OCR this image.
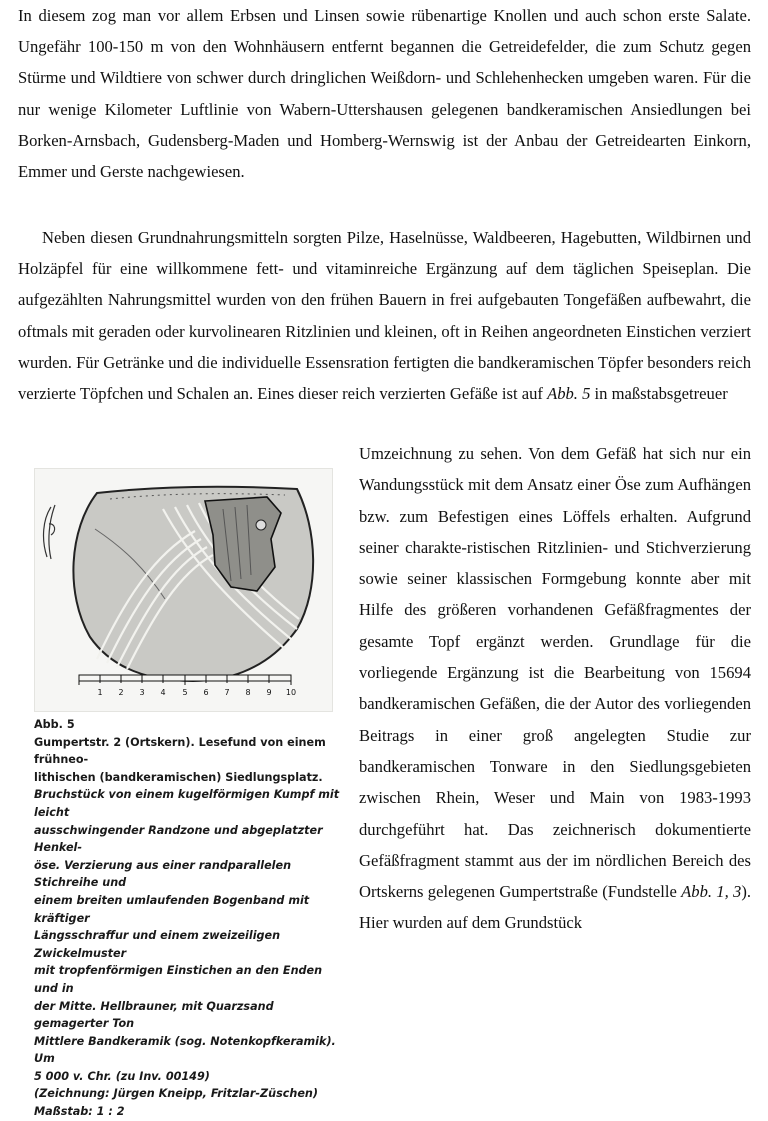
In diesem zog man vor allem Erbsen und Linsen sowie rübenartige Knollen und auch schon erste Salate. Ungefähr 100-150 m von den Wohnhäusern entfernt begannen die Getreidefelder, die zum Schutz gegen Stürme und Wildtiere von schwer durch dringlichen Weißdorn- und Schlehenhecken umgeben waren. Für die nur wenige Kilometer Luftlinie von Wabern-Uttershausen gelegenen bandkeramischen Ansiedlungen bei Borken-Arnsbach, Gudensberg-Maden und Homberg-Wernswig ist der Anbau der Getreidearten Einkorn, Emmer und Gerste nachgewiesen.

Neben diesen Grundnahrungsmitteln sorgten Pilze, Haselnüsse, Waldbeeren, Hagebutten, Wildbirnen und Holzäpfel für eine willkommene fett- und vitaminreiche Ergänzung auf dem täglichen Speiseplan. Die aufgezählten Nahrungsmittel wurden von den frühen Bauern in frei aufgebauten Tongefäßen aufbewahrt, die oftmals mit geraden oder kurvolinearen Ritzlinien und kleinen, oft in Reihen angeordneten Einstichen verziert wurden. Für Getränke und die individuelle Essensration fertigten die bandkeramischen Töpfer besonders reich verzierte Töpfchen und Schalen an. Eines dieser reich verzierten Gefäße ist auf Abb. 5 in maßstabsgetreuer

Umzeichnung zu sehen. Von dem Gefäß hat sich nur ein Wandungsstück mit dem Ansatz einer Öse zum Aufhängen bzw. zum Befestigen eines Löffels erhalten. Aufgrund seiner charakte-ristischen Ritzlinien- und Stichverzierung sowie seiner klassischen Formgebung konnte aber mit Hilfe des größeren vorhandenen Gefäßfragmentes der gesamte Topf ergänzt werden. Grundlage für die vorliegende Ergänzung ist die Bearbeitung von 15694 bandkeramischen Gefäßen, die der Autor des vorliegenden Beitrags in einer groß angelegten Studie zur bandkeramischen Tonware in den Siedlungsgebieten zwischen Rhein, Weser und Main von 1983-1993 durchgeführt hat. Das zeichnerisch dokumentierte Gefäßfragment stammt aus der im nördlichen Bereich des Ortskerns gelegenen Gumpertstraße (Fundstelle Abb. 1, 3). Hier wurden auf dem Grundstück

1 2 3 4 5 6 7 8 9 10
Abb. 5
Gumpertstr. 2 (Ortskern). Lesefund von einem frühneo-
lithischen (bandkeramischen) Siedlungsplatz.
Bruchstück von einem kugelförmigen Kumpf mit leicht
ausschwingender Randzone und abgeplatzter Henkel-
öse. Verzierung aus einer randparallelen Stichreihe und
einem breiten umlaufenden Bogenband mit kräftiger
Längsschraffur und einem zweizeiligen Zwickelmuster
mit tropfenförmigen Einstichen an den Enden und in
der Mitte. Hellbrauner, mit Quarzsand gemagerter Ton
Mittlere Bandkeramik (sog. Notenkopfkeramik). Um
5 000 v. Chr. (zu Inv. 00149)
(Zeichnung: Jürgen Kneipp, Fritzlar-Züschen)
Maßstab: 1 : 2
